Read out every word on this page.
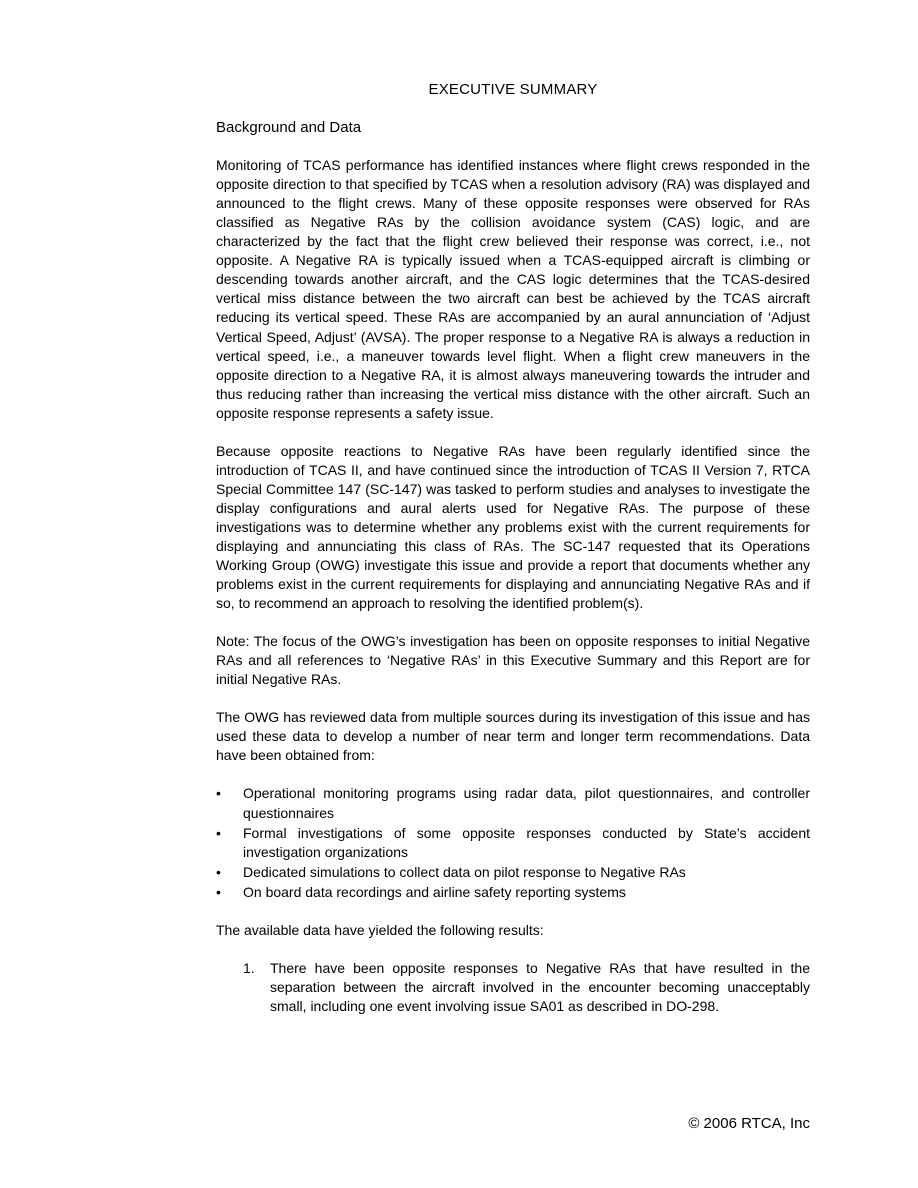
EXECUTIVE SUMMARY
Background and Data

Monitoring of TCAS performance has identified instances where flight crews responded in the opposite direction to that specified by TCAS when a resolution advisory (RA) was displayed and announced to the flight crews. Many of these opposite responses were observed for RAs classified as Negative RAs by the collision avoidance system (CAS) logic, and are characterized by the fact that the flight crew believed their response was correct, i.e., not opposite. A Negative RA is typically issued when a TCAS-equipped aircraft is climbing or descending towards another aircraft, and the CAS logic determines that the TCAS-desired vertical miss distance between the two aircraft can best be achieved by the TCAS aircraft reducing its vertical speed. These RAs are accompanied by an aural annunciation of ‘Adjust Vertical Speed, Adjust’ (AVSA). The proper response to a Negative RA is always a reduction in vertical speed, i.e., a maneuver towards level flight. When a flight crew maneuvers in the opposite direction to a Negative RA, it is almost always maneuvering towards the intruder and thus reducing rather than increasing the vertical miss distance with the other aircraft. Such an opposite response represents a safety issue.

Because opposite reactions to Negative RAs have been regularly identified since the introduction of TCAS II, and have continued since the introduction of TCAS II Version 7, RTCA Special Committee 147 (SC-147) was tasked to perform studies and analyses to investigate the display configurations and aural alerts used for Negative RAs. The purpose of these investigations was to determine whether any problems exist with the current requirements for displaying and annunciating this class of RAs. The SC-147 requested that its Operations Working Group (OWG) investigate this issue and provide a report that documents whether any problems exist in the current requirements for displaying and annunciating Negative RAs and if so, to recommend an approach to resolving the identified problem(s).

Note: The focus of the OWG’s investigation has been on opposite responses to initial Negative RAs and all references to ‘Negative RAs’ in this Executive Summary and this Report are for initial Negative RAs.

The OWG has reviewed data from multiple sources during its investigation of this issue and has used these data to develop a number of near term and longer term recommendations. Data have been obtained from:

• Operational monitoring programs using radar data, pilot questionnaires, and controller questionnaires
• Formal investigations of some opposite responses conducted by State’s accident investigation organizations
• Dedicated simulations to collect data on pilot response to Negative RAs
• On board data recordings and airline safety reporting systems

The available data have yielded the following results:

1. There have been opposite responses to Negative RAs that have resulted in the separation between the aircraft involved in the encounter becoming unacceptably small, including one event involving issue SA01 as described in DO-298.
© 2006 RTCA, Inc
